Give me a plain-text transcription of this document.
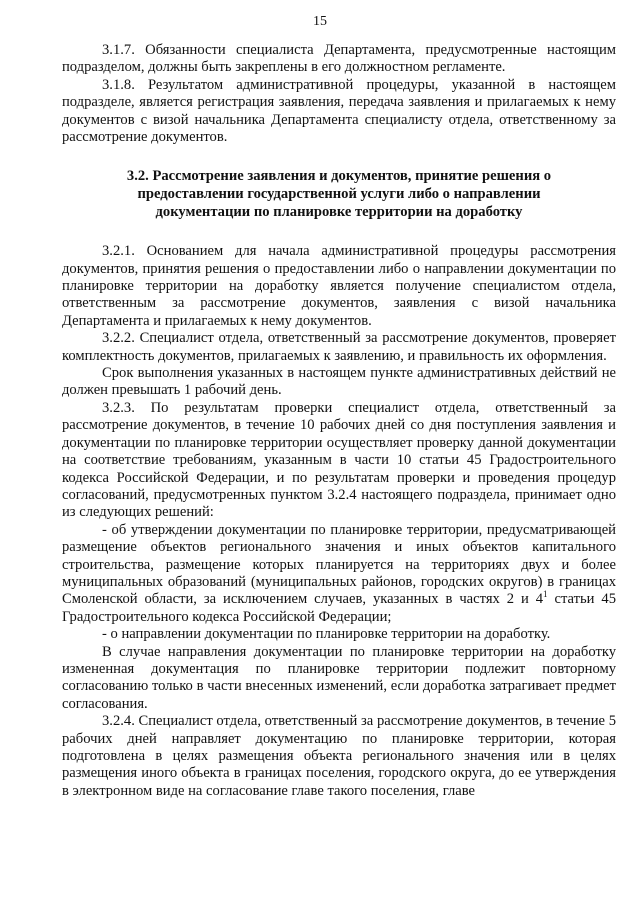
15

3.1.7. Обязанности специалиста Департамента, предусмотренные настоящим подразделом, должны быть закреплены в его должностном регламенте.

3.1.8. Результатом административной процедуры, указанной в настоящем подразделе, является регистрация заявления, передача заявления и прилагаемых к нему документов с визой начальника Департамента специалисту отдела, ответственному за рассмотрение документов.

3.2. Рассмотрение заявления и документов, принятие решения о предоставлении государственной услуги либо о направлении документации по планировке территории на доработку

3.2.1. Основанием для начала административной процедуры рассмотрения документов, принятия решения о предоставлении либо о направлении документации по планировке территории на доработку является получение специалистом отдела, ответственным за рассмотрение документов, заявления с визой начальника Департамента и прилагаемых к нему документов.

3.2.2. Специалист отдела, ответственный за рассмотрение документов, проверяет комплектность документов, прилагаемых к заявлению, и правильность их оформления.

Срок выполнения указанных в настоящем пункте административных действий не должен превышать 1 рабочий день.

3.2.3. По результатам проверки специалист отдела, ответственный за рассмотрение документов, в течение 10 рабочих дней со дня поступления заявления и документации по планировке территории осуществляет проверку данной документации на соответствие требованиям, указанным в части 10 статьи 45 Градостроительного кодекса Российской Федерации, и по результатам проверки и проведения процедур согласований, предусмотренных пунктом 3.2.4 настоящего подраздела, принимает одно из следующих решений:

- об утверждении документации по планировке территории, предусматривающей размещение объектов регионального значения и иных объектов капитального строительства, размещение которых планируется на территориях двух и более муниципальных образований (муниципальных районов, городских округов) в границах Смоленской области, за исключением случаев, указанных в частях 2 и $4^1$ статьи 45 Градостроительного кодекса Российской Федерации;

- о направлении документации по планировке территории на доработку.

В случае направления документации по планировке территории на доработку измененная документация по планировке территории подлежит повторному согласованию только в части внесенных изменений, если доработка затрагивает предмет согласования.

3.2.4. Специалист отдела, ответственный за рассмотрение документов, в течение 5 рабочих дней направляет документацию по планировке территории, которая подготовлена в целях размещения объекта регионального значения или в целях размещения иного объекта в границах поселения, городского округа, до ее утверждения в электронном виде на согласование главе такого поселения, главе
